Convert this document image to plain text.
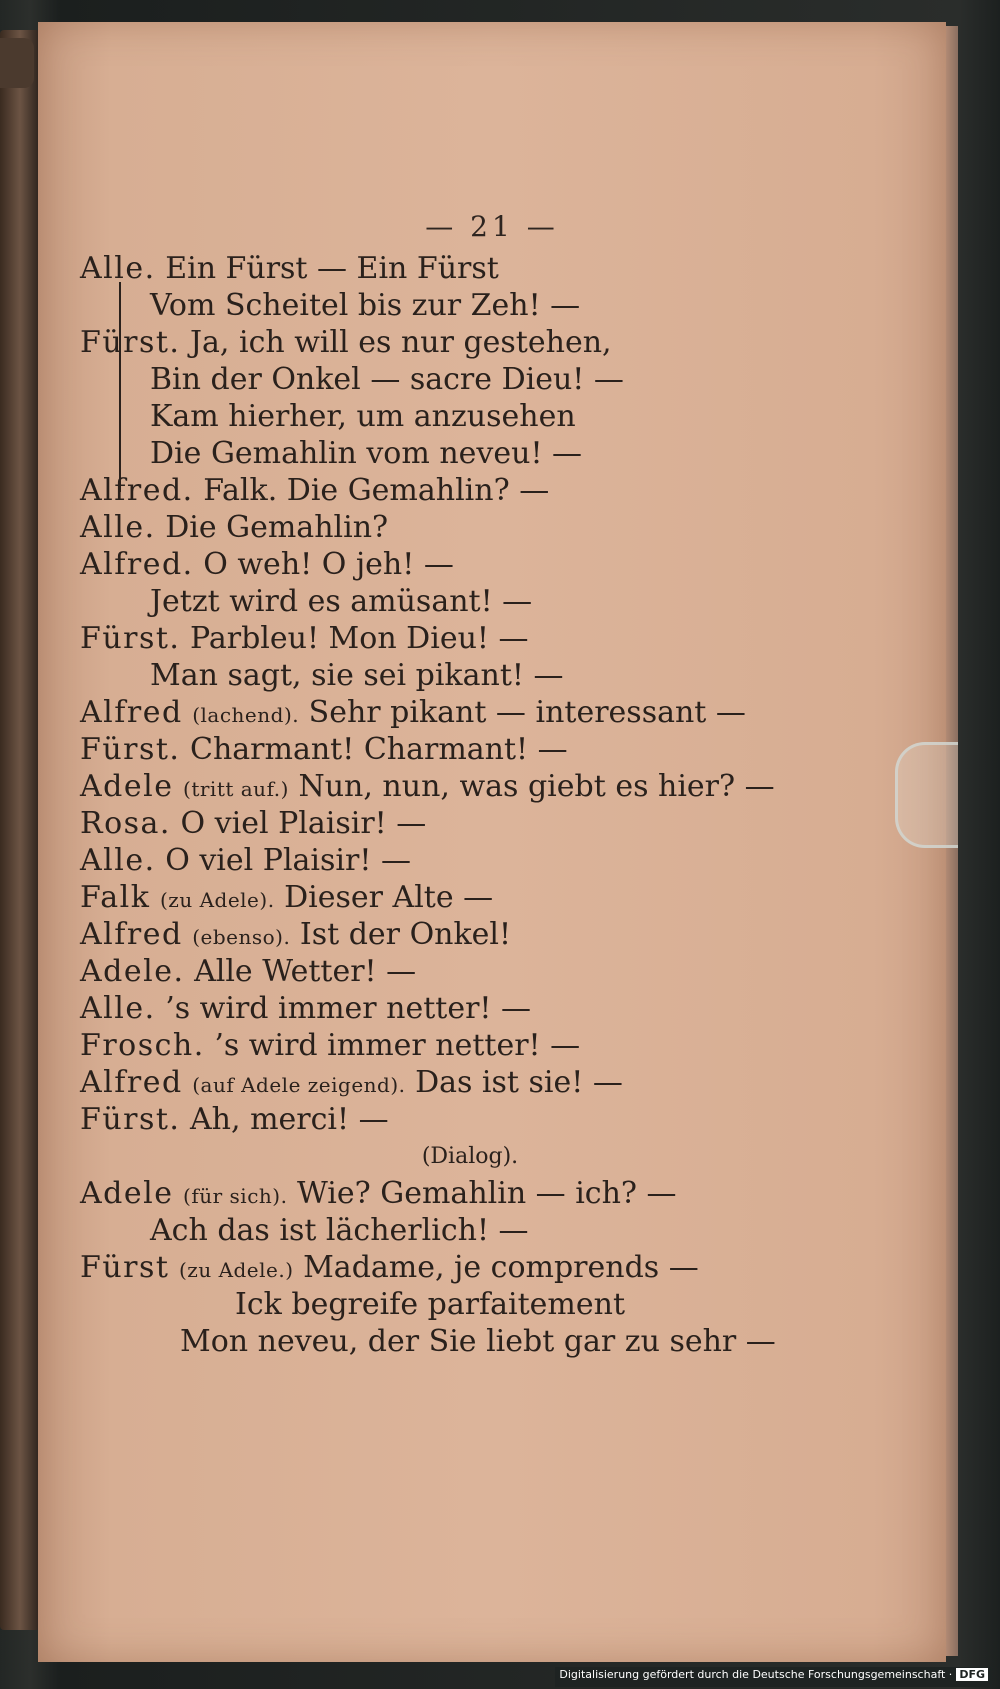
— 21 —
Alle. Ein Fürst — Ein Fürst
Vom Scheitel bis zur Zeh! —
Fürst. Ja, ich will es nur gestehen,
Bin der Onkel — sacre Dieu! —
Kam hierher, um anzusehen
Die Gemahlin vom neveu! —
Alfred. Falk. Die Gemahlin? —
Alle. Die Gemahlin?
Alfred. O weh! O jeh! —
Jetzt wird es amüsant! —
Fürst. Parbleu! Mon Dieu! —
Man sagt, sie sei pikant! —
Alfred (lachend). Sehr pikant — interessant —
Fürst. Charmant! Charmant! —
Adele (tritt auf.) Nun, nun, was giebt es hier? —
Rosa. O viel Plaisir! —
Alle. O viel Plaisir! —
Falk (zu Adele). Dieser Alte —
Alfred (ebenso). Ist der Onkel!
Adele. Alle Wetter! —
Alle. ’s wird immer netter! —
Frosch. ’s wird immer netter! —
Alfred (auf Adele zeigend). Das ist sie! —
Fürst. Ah, merci! —
(Dialog).
Adele (für sich). Wie? Gemahlin — ich? —
Ach das ist lächerlich! —
Fürst (zu Adele.) Madame, je comprends —
Ick begreife parfaitement
Mon neveu, der Sie liebt gar zu sehr —
Digitalisierung gefördert durch die Deutsche Forschungsgemeinschaft · DFG
